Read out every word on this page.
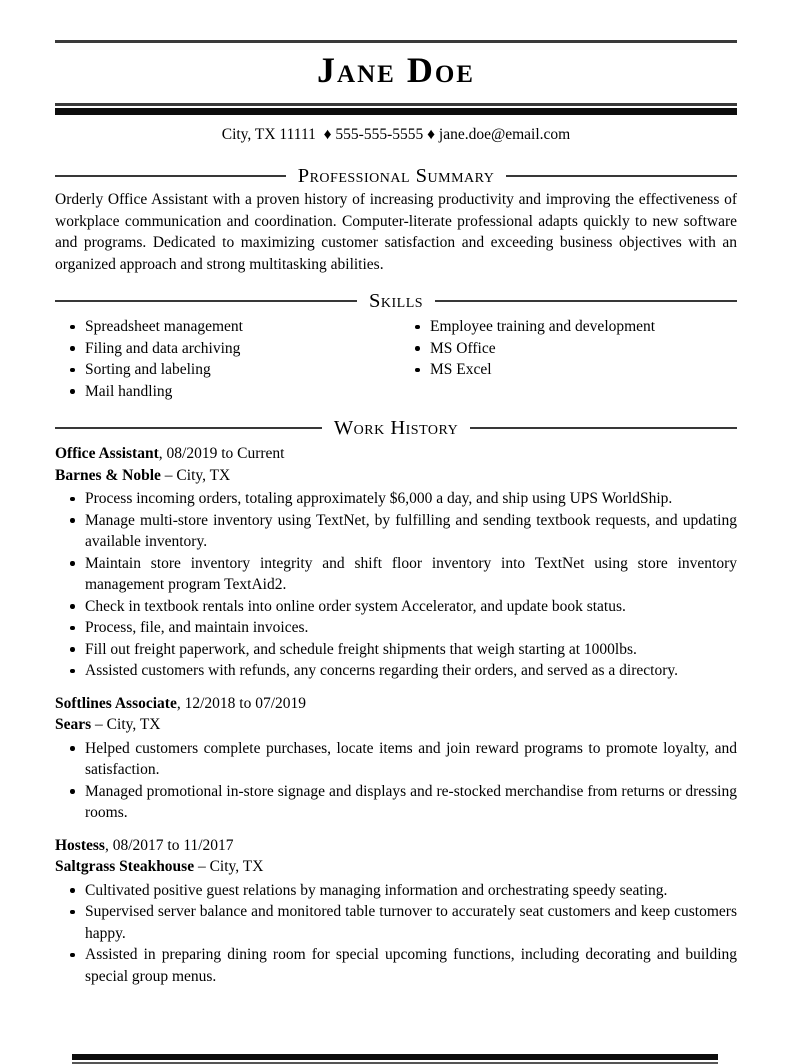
Jane Doe
City, TX 11111  ♦ 555-555-5555 ♦ jane.doe@email.com
Professional Summary

Orderly Office Assistant with a proven history of increasing productivity and improving the effectiveness of workplace communication and coordination. Computer-literate professional adapts quickly to new software and programs. Dedicated to maximizing customer satisfaction and exceeding business objectives with an organized approach and strong multitasking abilities.

Skills
Spreadsheet management
Filing and data archiving
Sorting and labeling
Mail handling
Employee training and development
MS Office
MS Excel
Work History
Office Assistant, 08/2019 to Current
Barnes & Noble – City, TX
Process incoming orders, totaling approximately $6,000 a day, and ship using UPS WorldShip.
Manage multi-store inventory using TextNet, by fulfilling and sending textbook requests, and updating available inventory.
Maintain store inventory integrity and shift floor inventory into TextNet using store inventory management program TextAid2.
Check in textbook rentals into online order system Accelerator, and update book status.
Process, file, and maintain invoices.
Fill out freight paperwork, and schedule freight shipments that weigh starting at 1000lbs.
Assisted customers with refunds, any concerns regarding their orders, and served as a directory.
Softlines Associate, 12/2018 to 07/2019
Sears – City, TX
Helped customers complete purchases, locate items and join reward programs to promote loyalty, and satisfaction.
Managed promotional in-store signage and displays and re-stocked merchandise from returns or dressing rooms.
Hostess, 08/2017 to 11/2017
Saltgrass Steakhouse – City, TX
Cultivated positive guest relations by managing information and orchestrating speedy seating.
Supervised server balance and monitored table turnover to accurately seat customers and keep customers happy.
Assisted in preparing dining room for special upcoming functions, including decorating and building special group menus.
